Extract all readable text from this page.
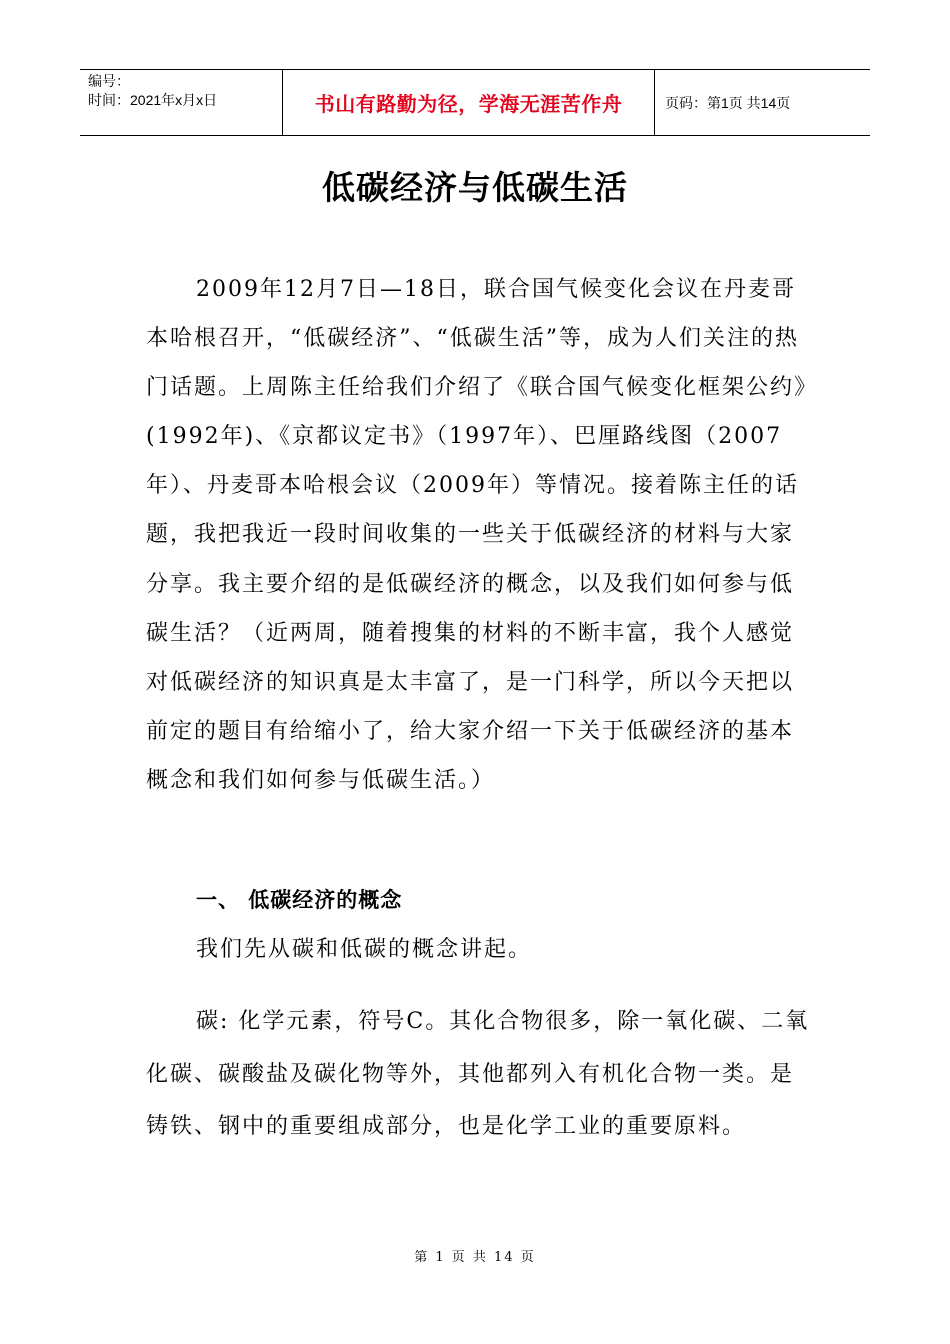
编号：
时间：2021年x月x日	书山有路勤为径，学海无涯苦作舟	页码：第1页 共14页
低碳经济与低碳生活
2009年12月7日—18日，联合国气候变化会议在丹麦哥本哈根召开，“低碳经济”、“低碳生活”等，成为人们关注的热门话题。上周陈主任给我们介绍了《联合国气候变化框架公约》(1992年)、《京都议定书》（1997年）、巴厘路线图（2007年）、丹麦哥本哈根会议（2009年）等情况。接着陈主任的话题，我把我近一段时间收集的一些关于低碳经济的材料与大家分享。我主要介绍的是低碳经济的概念，以及我们如何参与低碳生活？（近两周，随着搜集的材料的不断丰富，我个人感觉对低碳经济的知识真是太丰富了，是一门科学，所以今天把以前定的题目有给缩小了，给大家介绍一下关于低碳经济的基本概念和我们如何参与低碳生活。）
一、 低碳经济的概念
我们先从碳和低碳的概念讲起。
碳: 化学元素，符号C。其化合物很多，除一氧化碳、二氧化碳、碳酸盐及碳化物等外，其他都列入有机化合物一类。是铸铁、钢中的重要组成部分，也是化学工业的重要原料。
第 1 页 共 14 页
